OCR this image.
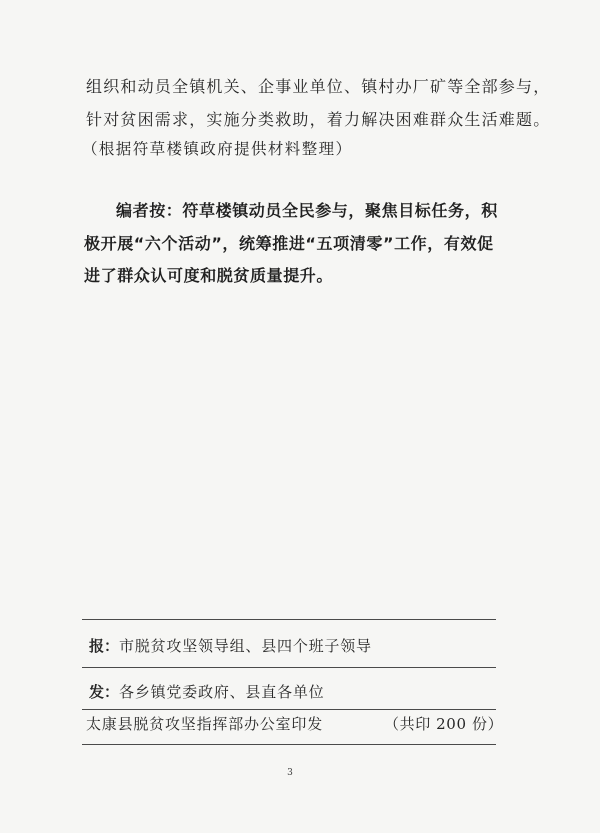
组织和动员全镇机关、企事业单位、镇村办厂矿等全部参与，
针对贫困需求，实施分类救助，着力解决困难群众生活难题。
（根据符草楼镇政府提供材料整理）
编者按：符草楼镇动员全民参与，聚焦目标任务，积
极开展“六个活动”，统筹推进“五项清零”工作，有效促
进了群众认可度和脱贫质量提升。
报：市脱贫攻坚领导组、县四个班子领导
发：各乡镇党委政府、县直各单位
太康县脱贫攻坚指挥部办公室印发	（共印 200 份）
3
